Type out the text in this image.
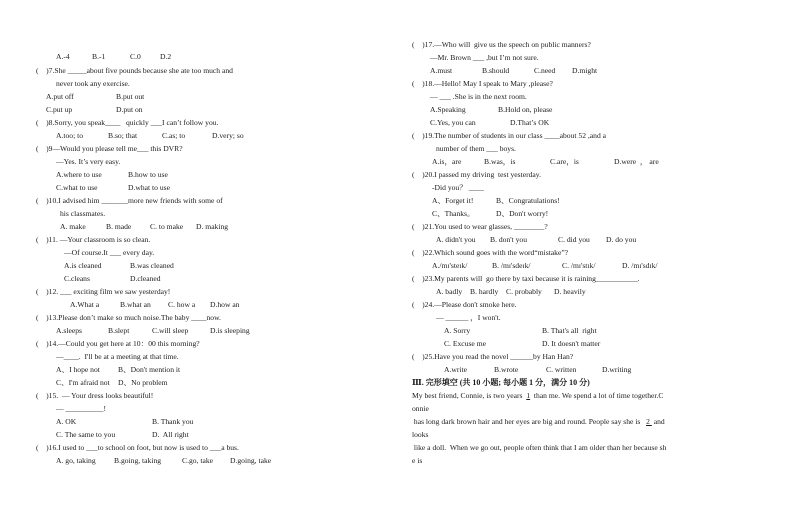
A.-4	B.-1	C.0	D.2
(    )7.She _____about five pounds because she ate too much and
never took any exercise.
A.put off	B.put out
C.put up	D.put on
(    )8.Sorry, you speak____   quickly ___I can’t follow you.
A.too; to	B.so; that	C.as; to	D.very; so
(    )9—Would you please tell me___ this DVR?
—Yes. It’s very easy.
A.where to use	B.how to use
C.what to use	D.what to use
(    )10.I advised him _______more new friends with some of
his classmates.
A. make	B. made C. to make D. making
(    )11. —Your classroom is so clean.
—Of course.It ___ every day.
A.is cleaned	B.was cleaned
C.cleans	D.cleaned
(    )12. ___ exciting film we saw yesterday!
A.What a	B.what an C. how a D.how an
(    )13.Please don’t make so much noise.The baby ____now.
A.sleeps	B.slept	C.will sleep	D.is sleeping
(    )14.—Could you get here at 10：00 this morning?
—____.  I'll be at a meeting at that time.
A、I hope not B、Don't mention it
C、I'm afraid not D、No problem
(    )15.  — Your dress looks beautiful!
— __________!
A. OK	B. Thank you
C. The same to you	D.  All right
(    )16.I used to ___to school on foot, but now is used to ___a bus.
A. go, taking B.going, taking	C.go, take D.going, take
(    )17.—Who will  give us the speech on public manners?
—Mr. Brown ___ ,but I’m not sure.
A.must	B.should	C.need D.might
(    )18.—Hello! May I speak to Mary ,please?
— ___ .She is in the next room.
A.Speaking	B.Hold on, please
C.Yes, you can	D.That’s OK
(    )19.The number of students in our class ____about 52 ,and a
number of them ___ boys.
A.is，are	B.was，is	C.are，is	D.were  ， are
(    )20.I passed my driving  test yesterday.
-Did you？ ____
A、Forget it!	B、Congratulations!
C、Thanks。	D、Don't worry!
(    )21.You used to wear glasses, ________?
A. didn't you B. don't you	C. did you D. do you
(    )22.Which sound goes with the word“mistake”?
A./mɪ'steɪk/	B. /mɪ'sdeɪk/	C. /mɪ'stɪk/	D. /mɪ'sdɪk/
(    )23.My parents will  go there by taxi because it is raining___________.
A. badly B. hardly C. probably D. heavily
(    )24.—Please don't smoke here.
— ______ ，I won't.
A. Sorry	B. That's all  right
C. Excuse me	D. It doesn't matter
(    )25.Have you read the novel ______by Han Han?
A.write	B.wrote	C. written	D.writing
Ⅲ. 完形填空 (共 10 小题; 每小题 1 分，满分 10 分)
My best friend, Connie, is two years  1  than me. We spend a lot of time together.C
onnie
has long dark brown hair and her eyes are big and round. People say she is   2  and
looks
like a doll.  When we go out, people often think that I am older than her because sh
e is
